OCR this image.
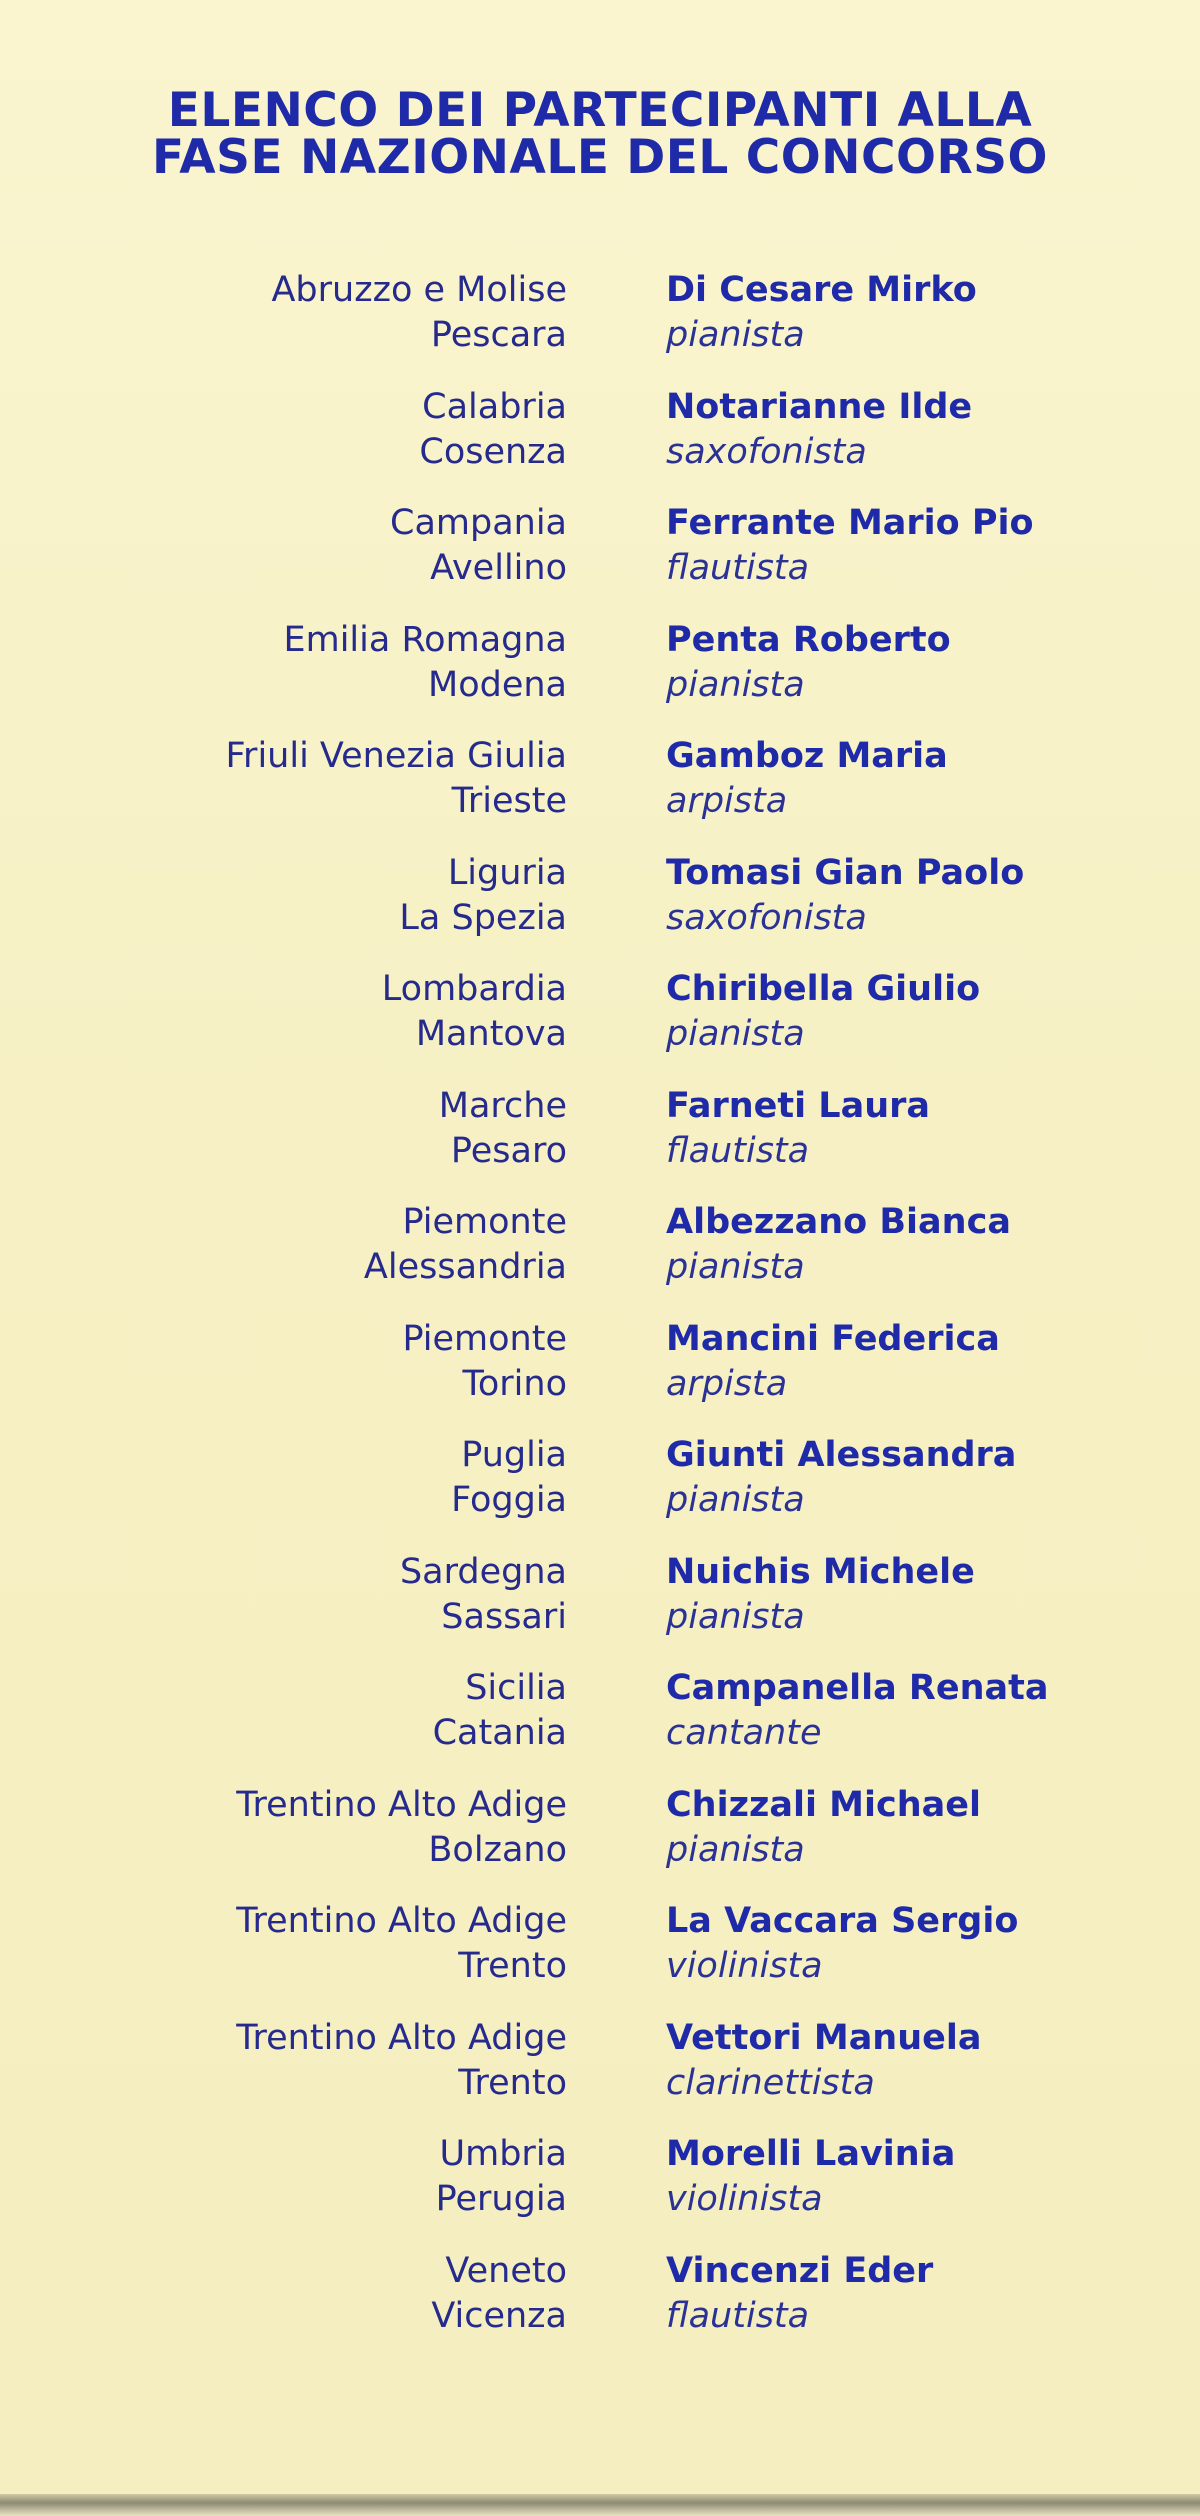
ELENCO DEI PARTECIPANTI ALLA
FASE NAZIONALE DEL CONCORSO
Abruzzo e Molise
Pescara
Di Cesare Mirko
pianista
Calabria
Cosenza
Notarianne Ilde
saxofonista
Campania
Avellino
Ferrante Mario Pio
flautista
Emilia Romagna
Modena
Penta Roberto
pianista
Friuli Venezia Giulia
Trieste
Gamboz Maria
arpista
Liguria
La Spezia
Tomasi Gian Paolo
saxofonista
Lombardia
Mantova
Chiribella Giulio
pianista
Marche
Pesaro
Farneti Laura
flautista
Piemonte
Alessandria
Albezzano Bianca
pianista
Piemonte
Torino
Mancini Federica
arpista
Puglia
Foggia
Giunti Alessandra
pianista
Sardegna
Sassari
Nuichis Michele
pianista
Sicilia
Catania
Campanella Renata
cantante
Trentino Alto Adige
Bolzano
Chizzali Michael
pianista
Trentino Alto Adige
Trento
La Vaccara Sergio
violinista
Trentino Alto Adige
Trento
Vettori Manuela
clarinettista
Umbria
Perugia
Morelli Lavinia
violinista
Veneto
Vicenza
Vincenzi Eder
flautista
